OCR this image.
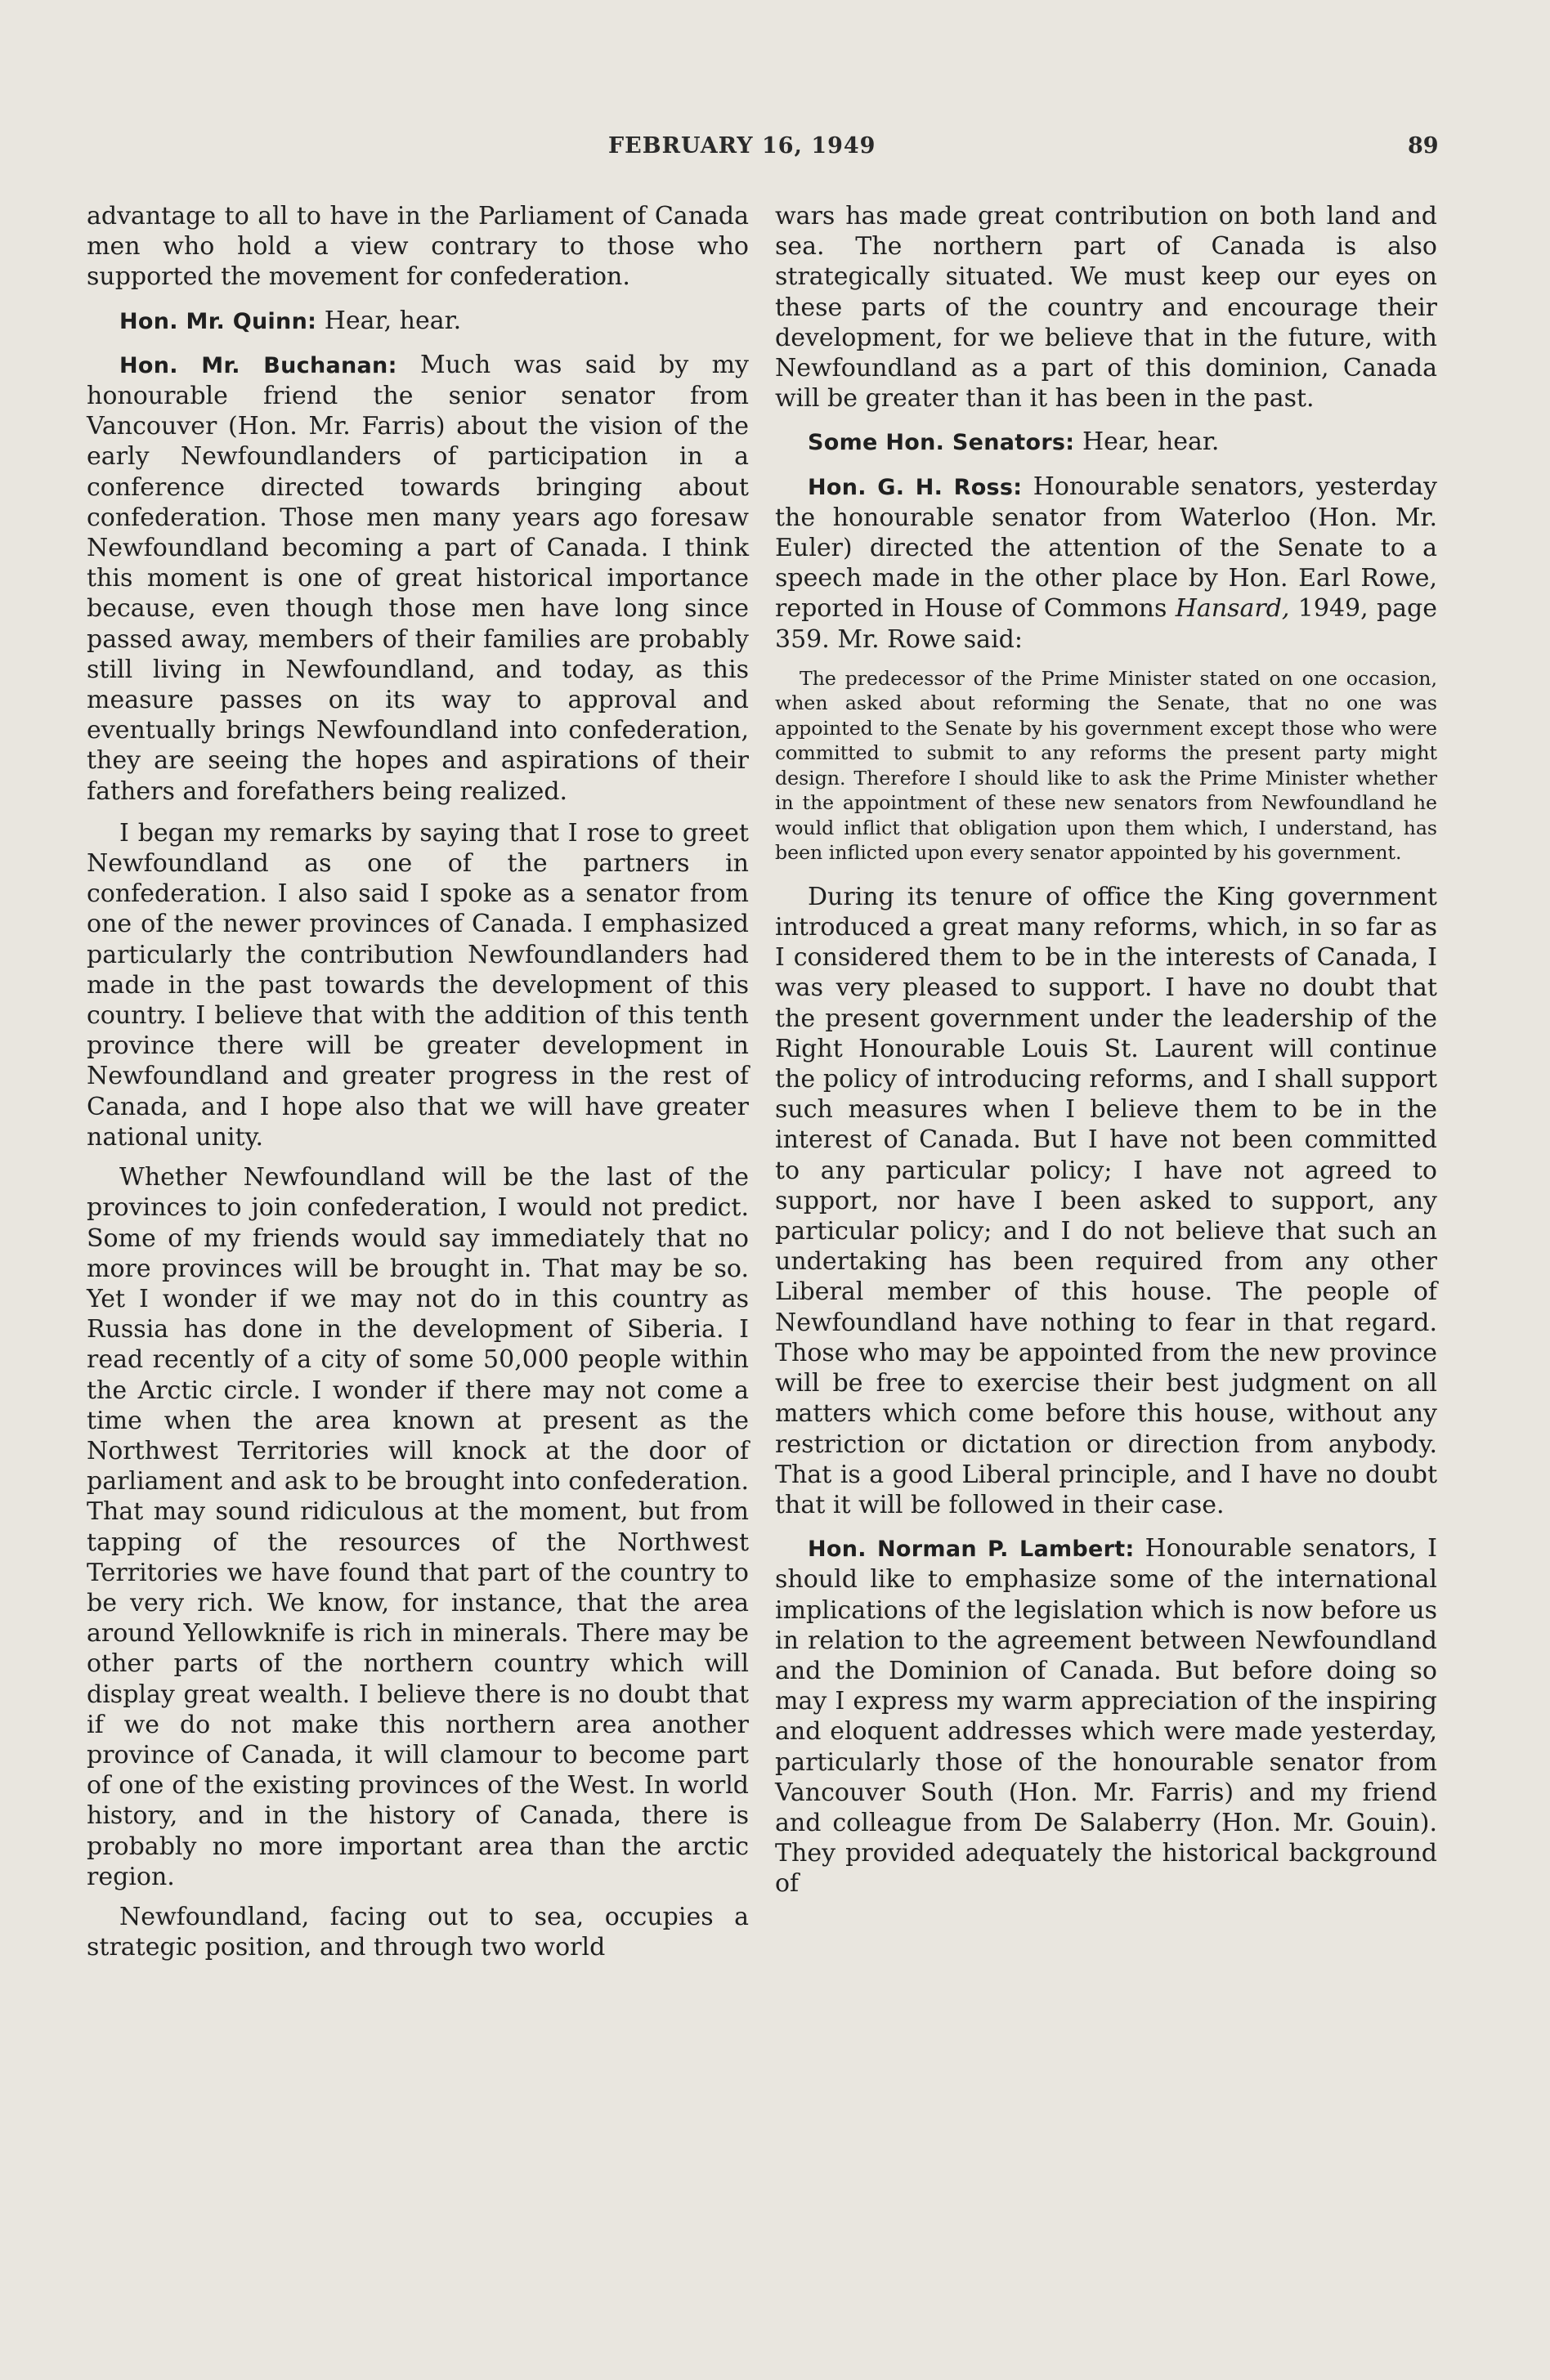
FEBRUARY 16, 1949	89

advantage to all to have in the Parliament of Canada men who hold a view contrary to those who supported the movement for confederation.

Hon. Mr. Quinn: Hear, hear.

Hon. Mr. Buchanan: Much was said by my honourable friend the senior senator from Vancouver (Hon. Mr. Farris) about the vision of the early Newfoundlanders of participation in a conference directed towards bringing about confederation. Those men many years ago foresaw Newfoundland becoming a part of Canada. I think this moment is one of great historical importance because, even though those men have long since passed away, members of their families are probably still living in Newfoundland, and today, as this measure passes on its way to approval and eventually brings Newfoundland into confederation, they are seeing the hopes and aspirations of their fathers and forefathers being realized.

I began my remarks by saying that I rose to greet Newfoundland as one of the partners in confederation. I also said I spoke as a senator from one of the newer provinces of Canada. I emphasized particularly the contribution Newfoundlanders had made in the past towards the development of this country. I believe that with the addition of this tenth province there will be greater development in Newfoundland and greater progress in the rest of Canada, and I hope also that we will have greater national unity.

Whether Newfoundland will be the last of the provinces to join confederation, I would not predict. Some of my friends would say immediately that no more provinces will be brought in. That may be so. Yet I wonder if we may not do in this country as Russia has done in the development of Siberia. I read recently of a city of some 50,000 people within the Arctic circle. I wonder if there may not come a time when the area known at present as the Northwest Territories will knock at the door of parliament and ask to be brought into confederation. That may sound ridiculous at the moment, but from tapping of the resources of the Northwest Territories we have found that part of the country to be very rich. We know, for instance, that the area around Yellowknife is rich in minerals. There may be other parts of the northern country which will display great wealth. I believe there is no doubt that if we do not make this northern area another province of Canada, it will clamour to become part of one of the existing provinces of the West. In world history, and in the history of Canada, there is probably no more important area than the arctic region.

Newfoundland, facing out to sea, occupies a strategic position, and through two world

wars has made great contribution on both land and sea. The northern part of Canada is also strategically situated. We must keep our eyes on these parts of the country and encourage their development, for we believe that in the future, with Newfoundland as a part of this dominion, Canada will be greater than it has been in the past.

Some Hon. Senators: Hear, hear.

Hon. G. H. Ross: Honourable senators, yesterday the honourable senator from Waterloo (Hon. Mr. Euler) directed the attention of the Senate to a speech made in the other place by Hon. Earl Rowe, reported in House of Commons Hansard, 1949, page 359. Mr. Rowe said:

The predecessor of the Prime Minister stated on one occasion, when asked about reforming the Senate, that no one was appointed to the Senate by his government except those who were committed to submit to any reforms the present party might design. Therefore I should like to ask the Prime Minister whether in the appointment of these new senators from Newfoundland he would inflict that obligation upon them which, I understand, has been inflicted upon every senator appointed by his government.

During its tenure of office the King government introduced a great many reforms, which, in so far as I considered them to be in the interests of Canada, I was very pleased to support. I have no doubt that the present government under the leadership of the Right Honourable Louis St. Laurent will continue the policy of introducing reforms, and I shall support such measures when I believe them to be in the interest of Canada. But I have not been committed to any particular policy; I have not agreed to support, nor have I been asked to support, any particular policy; and I do not believe that such an undertaking has been required from any other Liberal member of this house. The people of Newfoundland have nothing to fear in that regard. Those who may be appointed from the new province will be free to exercise their best judgment on all matters which come before this house, without any restriction or dictation or direction from anybody. That is a good Liberal principle, and I have no doubt that it will be followed in their case.

Hon. Norman P. Lambert: Honourable senators, I should like to emphasize some of the international implications of the legislation which is now before us in relation to the agreement between Newfoundland and the Dominion of Canada. But before doing so may I express my warm appreciation of the inspiring and eloquent addresses which were made yesterday, particularly those of the honourable senator from Vancouver South (Hon. Mr. Farris) and my friend and colleague from De Salaberry (Hon. Mr. Gouin). They provided adequately the historical background of
